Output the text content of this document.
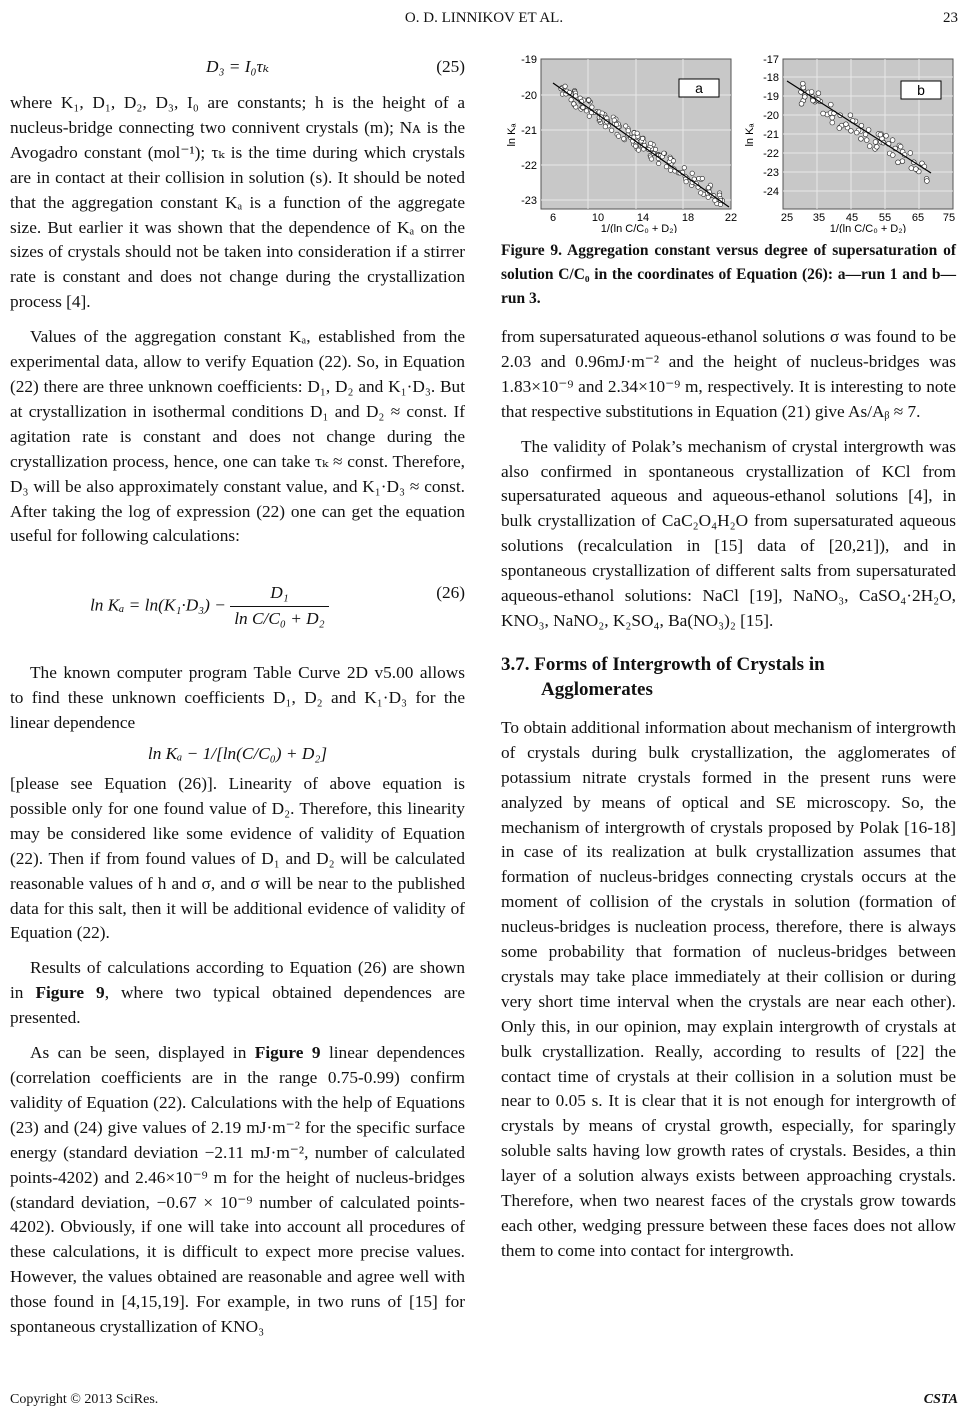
O. D. LINNIKOV ET AL.	23
D₃ = I₀τₖ	(25)

where K₁, D₁, D₂, D₃, I₀ are constants; h is the height of a nucleus-bridge connecting two connivent crystals (m); Nᴀ is the Avogadro constant (mol⁻¹); τₖ is the time during which crystals are in contact at their collision in solution (s). It should be noted that the aggregation constant Kₐ is a function of the aggregate size. But earlier it was shown that the dependence of Kₐ on the sizes of crystals should not be taken into consideration if a stirrer rate is constant and does not change during the crystallization process [4].

Values of the aggregation constant Kₐ, established from the experimental data, allow to verify Equation (22). So, in Equation (22) there are three unknown coefficients: D₁, D₂ and K₁·D₃. But at crystallization in isothermal conditions D₁ and D₂ ≈ const. If agitation rate is constant and does not change during the crystallization process, hence, one can take τₖ ≈ const. Therefore, D₃ will be also approximately constant value, and K₁·D₃ ≈ const. After taking the log of expression (22) one can get the equation useful for following calculations:

$\ln K_a = \ln(K_1\cdot D_3) - \frac{\text{D₁}}{\text{ln C/C₀ + D₂}}$	(26)

The known computer program Table Curve 2D v5.00 allows to find these unknown coefficients D₁, D₂ and K₁·D₃ for the linear dependence

ln Kₐ − 1/[ln(C/C₀) + D₂]

[please see Equation (26)]. Linearity of above equation is possible only for one found value of D₂. Therefore, this linearity may be considered like some evidence of validity of Equation (22). Then if from found values of D₁ and D₂ will be calculated reasonable values of h and σ, and σ will be near to the published data for this salt, then it will be additional evidence of validity of Equation (22).

Results of calculations according to Equation (26) are shown in Figure 9, where two typical obtained dependences are presented.

As can be seen, displayed in Figure 9 linear dependences (correlation coefficients are in the range 0.75-0.99) confirm validity of Equation (22). Calculations with the help of Equations (23) and (24) give values of 2.19 mJ·m⁻² for the specific surface energy (standard deviation −2.11 mJ·m⁻², number of calculated points-4202) and 2.46×10⁻⁹ m for the height of nucleus-bridges (standard deviation, −0.67 × 10⁻⁹ number of calculated points-4202). Obviously, if one will take into account all procedures of these calculations, it is difficult to expect more precise values. However, the values obtained are reasonable and agree well with those found in [4,15,19]. For example, in two runs of [15] for spontaneous crystallization of KNO₃

a
-19
-20
-21
-22
-23
6	10	14	18	22
1/(ln C/C₀ + D₂)
ln Kₐ
b
-17
-18
-19
-20
-21
-22
-23
-24
25 35 45 55 65 75
1/(ln C/C₀ + D₂)
ln Kₐ
Figure 9. Aggregation constant versus degree of supersaturation of solution C/C₀ in the coordinates of Equation (26): a—run 1 and b—run 3.

from supersaturated aqueous-ethanol solutions σ was found to be 2.03 and 0.96mJ·m⁻² and the height of nucleus-bridges was 1.83×10⁻⁹ and 2.34×10⁻⁹ m, respectively. It is interesting to note that respective substitutions in Equation (21) give As/Aᵦ ≈ 7.

The validity of Polak’s mechanism of crystal intergrowth was also confirmed in spontaneous crystallization of KCl from supersaturated aqueous and aqueous-ethanol solutions [4], in bulk crystallization of CaC₂O₄H₂O from supersaturated aqueous solutions (recalculation in [15] data of [20,21]), and in spontaneous crystallization of different salts from supersaturated aqueous-ethanol solutions: NaCl [19], NaNO₃, CaSO₄·2H₂O, KNO₃, NaNO₂, K₂SO₄, Ba(NO₃)₂ [15].

3.7. Forms of Intergrowth of Crystals in
Agglomerates

To obtain additional information about mechanism of intergrowth of crystals during bulk crystallization, the agglomerates of potassium nitrate crystals formed in the present runs were analyzed by means of optical and SE microscopy. So, the mechanism of intergrowth of crystals proposed by Polak [16-18] in case of its realization at bulk crystallization assumes that formation of nucleus-bridges connecting crystals occurs at the moment of collision of the crystals in solution (formation of nucleus-bridges is nucleation process, therefore, there is always some probability that formation of nucleus-bridges between crystals may take place immediately at their collision or during very short time interval when the crystals are near each other). Only this, in our opinion, may explain intergrowth of crystals at bulk crystallization. Really, according to results of [22] the contact time of crystals at their collision in a solution must be near to 0.05 s. It is clear that it is not enough for intergrowth of crystals by means of crystal growth, especially, for sparingly soluble salts having low growth rates of crystals. Besides, a thin layer of a solution always exists between approaching crystals. Therefore, when two nearest faces of the crystals grow towards each other, wedging pressure between these faces does not allow them to come into contact for intergrowth.

Copyright © 2013 SciRes.	CSTA
